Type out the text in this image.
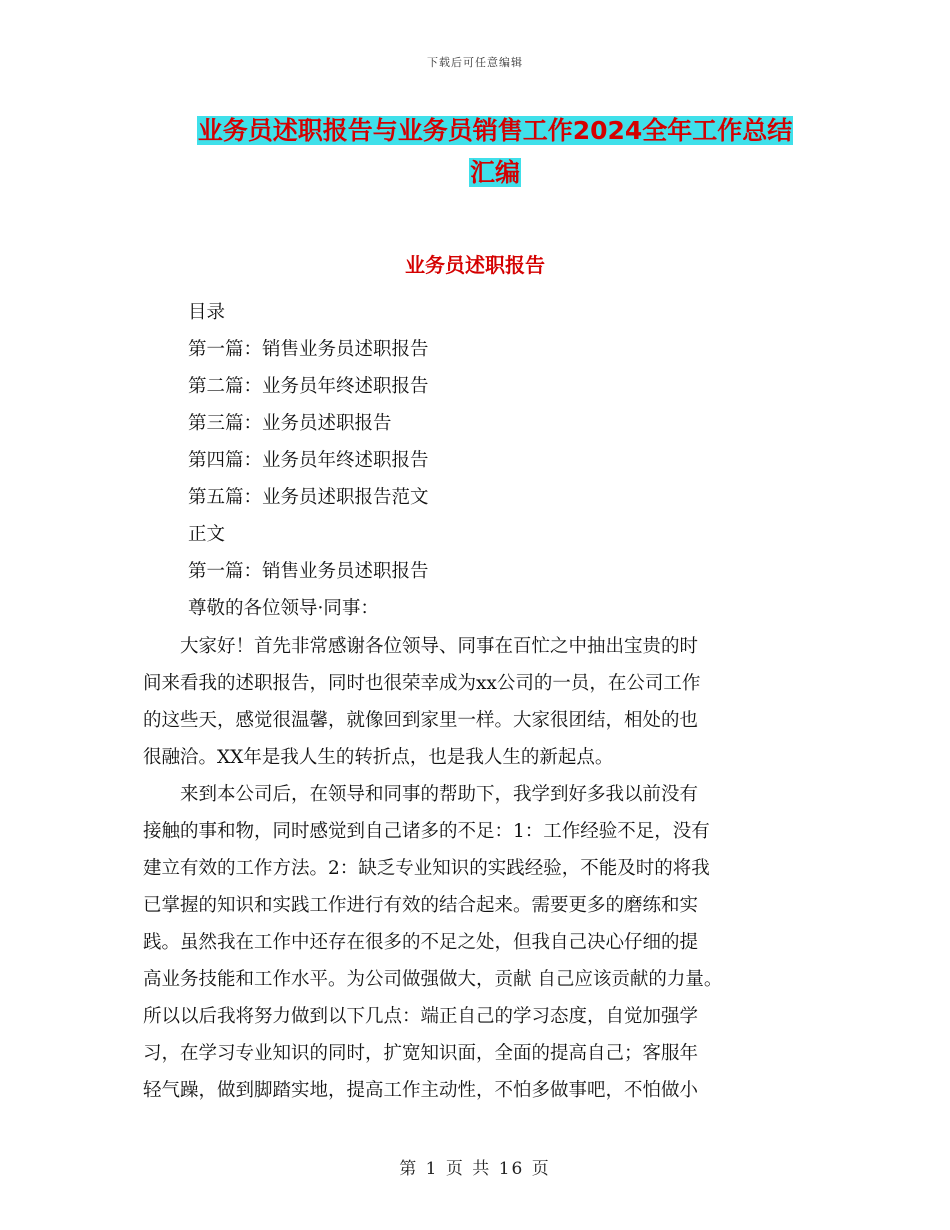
下载后可任意编辑
业务员述职报告与业务员销售工作2024全年工作总结
汇编
业务员述职报告
目录
第一篇：销售业务员述职报告
第二篇：业务员年终述职报告
第三篇：业务员述职报告
第四篇：业务员年终述职报告
第五篇：业务员述职报告范文
正文
第一篇：销售业务员述职报告
尊敬的各位领导·同事：

　　大家好！首先非常感谢各位领导、同事在百忙之中抽出宝贵的时

间来看我的述职报告，同时也很荣幸成为xx公司的一员，在公司工作

的这些天，感觉很温馨，就像回到家里一样。大家很团结，相处的也

很融洽。XX年是我人生的转折点，也是我人生的新起点。

　　来到本公司后，在领导和同事的帮助下，我学到好多我以前没有

接触的事和物，同时感觉到自己诸多的不足：1：工作经验不足，没有

建立有效的工作方法。2：缺乏专业知识的实践经验，不能及时的将我

已掌握的知识和实践工作进行有效的结合起来。需要更多的磨练和实

践。虽然我在工作中还存在很多的不足之处，但我自己决心仔细的提

高业务技能和工作水平。为公司做强做大，贡献 自己应该贡献的力量。

所以以后我将努力做到以下几点：端正自己的学习态度，自觉加强学

习，在学习专业知识的同时，扩宽知识面，全面的提高自己；客服年

轻气躁，做到脚踏实地，提高工作主动性，不怕多做事吧，不怕做小

第 1 页 共 16 页
